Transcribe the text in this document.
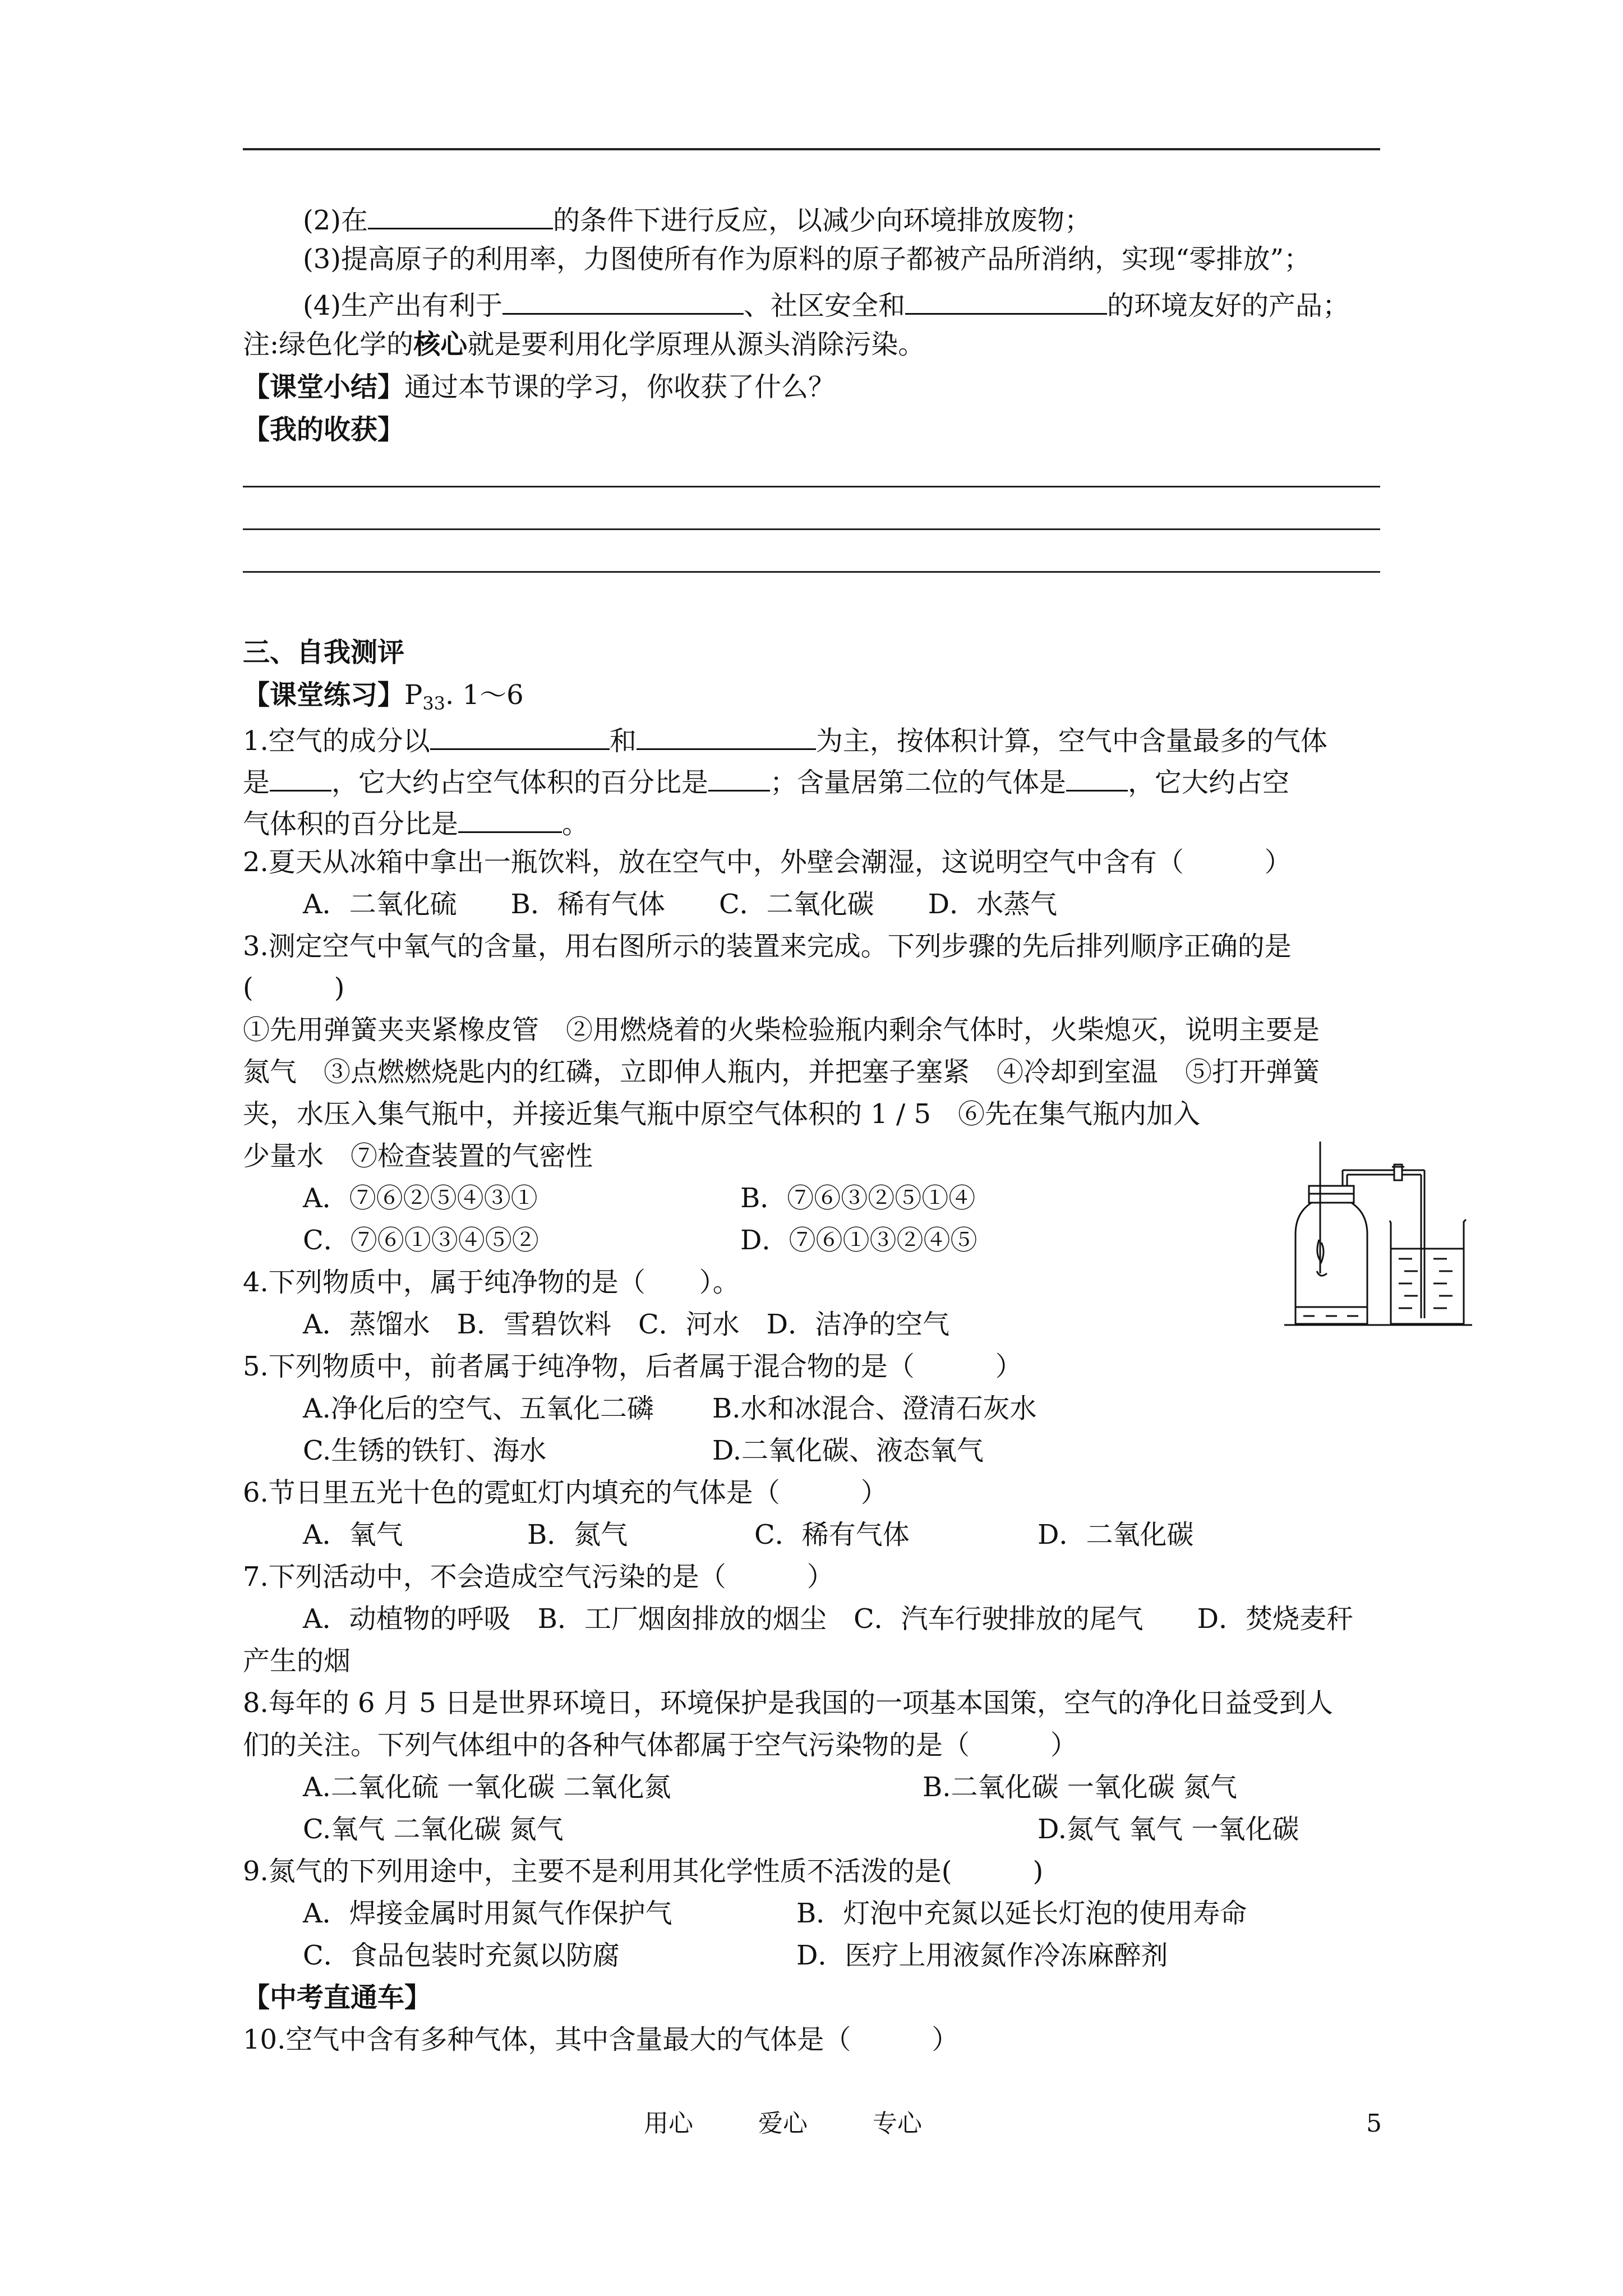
(2)在	的条件下进行反应，以减少向环境排放废物；
(3)提高原子的利用率，力图使所有作为原料的原子都被产品所消纳，实现“零排放”；
(4)生产出有利于	、社区安全和	的环境友好的产品；
注:绿色化学的核心就是要利用化学原理从源头消除污染。
【课堂小结】通过本节课的学习，你收获了什么？
【我的收获】
三、自我测评
【课堂练习】$P_{33}$. 1～6
1.空气的成分以	和	为主，按体积计算，空气中含量最多的气体
是 ，它大约占空气体积的百分比是 ；含量居第二位的气体是 ，它大约占空
气体积的百分比是	。
2.夏天从冰箱中拿出一瓶饮料，放在空气中，外壁会潮湿，这说明空气中含有（　　　）
A．二氧化硫　　B．稀有气体　　C．二氧化碳　　D．水蒸气
3.测定空气中氧气的含量，用右图所示的装置来完成。下列步骤的先后排列顺序正确的是
(　　　)
①先用弹簧夹夹紧橡皮管　②用燃烧着的火柴检验瓶内剩余气体时，火柴熄灭，说明主要是
氮气　③点燃燃烧匙内的红磷，立即伸人瓶内，并把塞子塞紧　④冷却到室温　⑤打开弹簧
夹，水压入集气瓶中，并接近集气瓶中原空气体积的 1 / 5　⑥先在集气瓶内加入
少量水　⑦检查装置的气密性
A．⑦⑥②⑤④③①	B．⑦⑥③②⑤①④
C．⑦⑥①③④⑤②	D．⑦⑥①③②④⑤
4.下列物质中，属于纯净物的是（　　）。
A．蒸馏水　B．雪碧饮料　C．河水　D．洁净的空气
5.下列物质中，前者属于纯净物，后者属于混合物的是（　　　）
A.净化后的空气、五氧化二磷 B.水和冰混合、澄清石灰水
C.生锈的铁钉、海水	D.二氧化碳、液态氧气
6.节日里五光十色的霓虹灯内填充的气体是（　　　）
A．氧气	B．氮气	C．稀有气体	D．二氧化碳
7.下列活动中，不会造成空气污染的是（　　　）
A．动植物的呼吸　B．工厂烟囱排放的烟尘　C．汽车行驶排放的尾气　　D．焚烧麦秆
产生的烟
8.每年的 6 月 5 日是世界环境日，环境保护是我国的一项基本国策，空气的净化日益受到人
们的关注。下列气体组中的各种气体都属于空气污染物的是（　　　）
A.二氧化硫 一氧化碳 二氧化氮	B.二氧化碳 一氧化碳 氮气
C.氧气 二氧化碳 氮气	D.氮气 氧气 一氧化碳
9.氮气的下列用途中，主要不是利用其化学性质不活泼的是(　　　)
A．焊接金属时用氮气作保护气	B．灯泡中充氮以延长灯泡的使用寿命
C．食品包装时充氮以防腐	D．医疗上用液氮作冷冻麻醉剂
【中考直通车】
10.空气中含有多种气体，其中含量最大的气体是（　　　）
用心	爱心	专心	5
